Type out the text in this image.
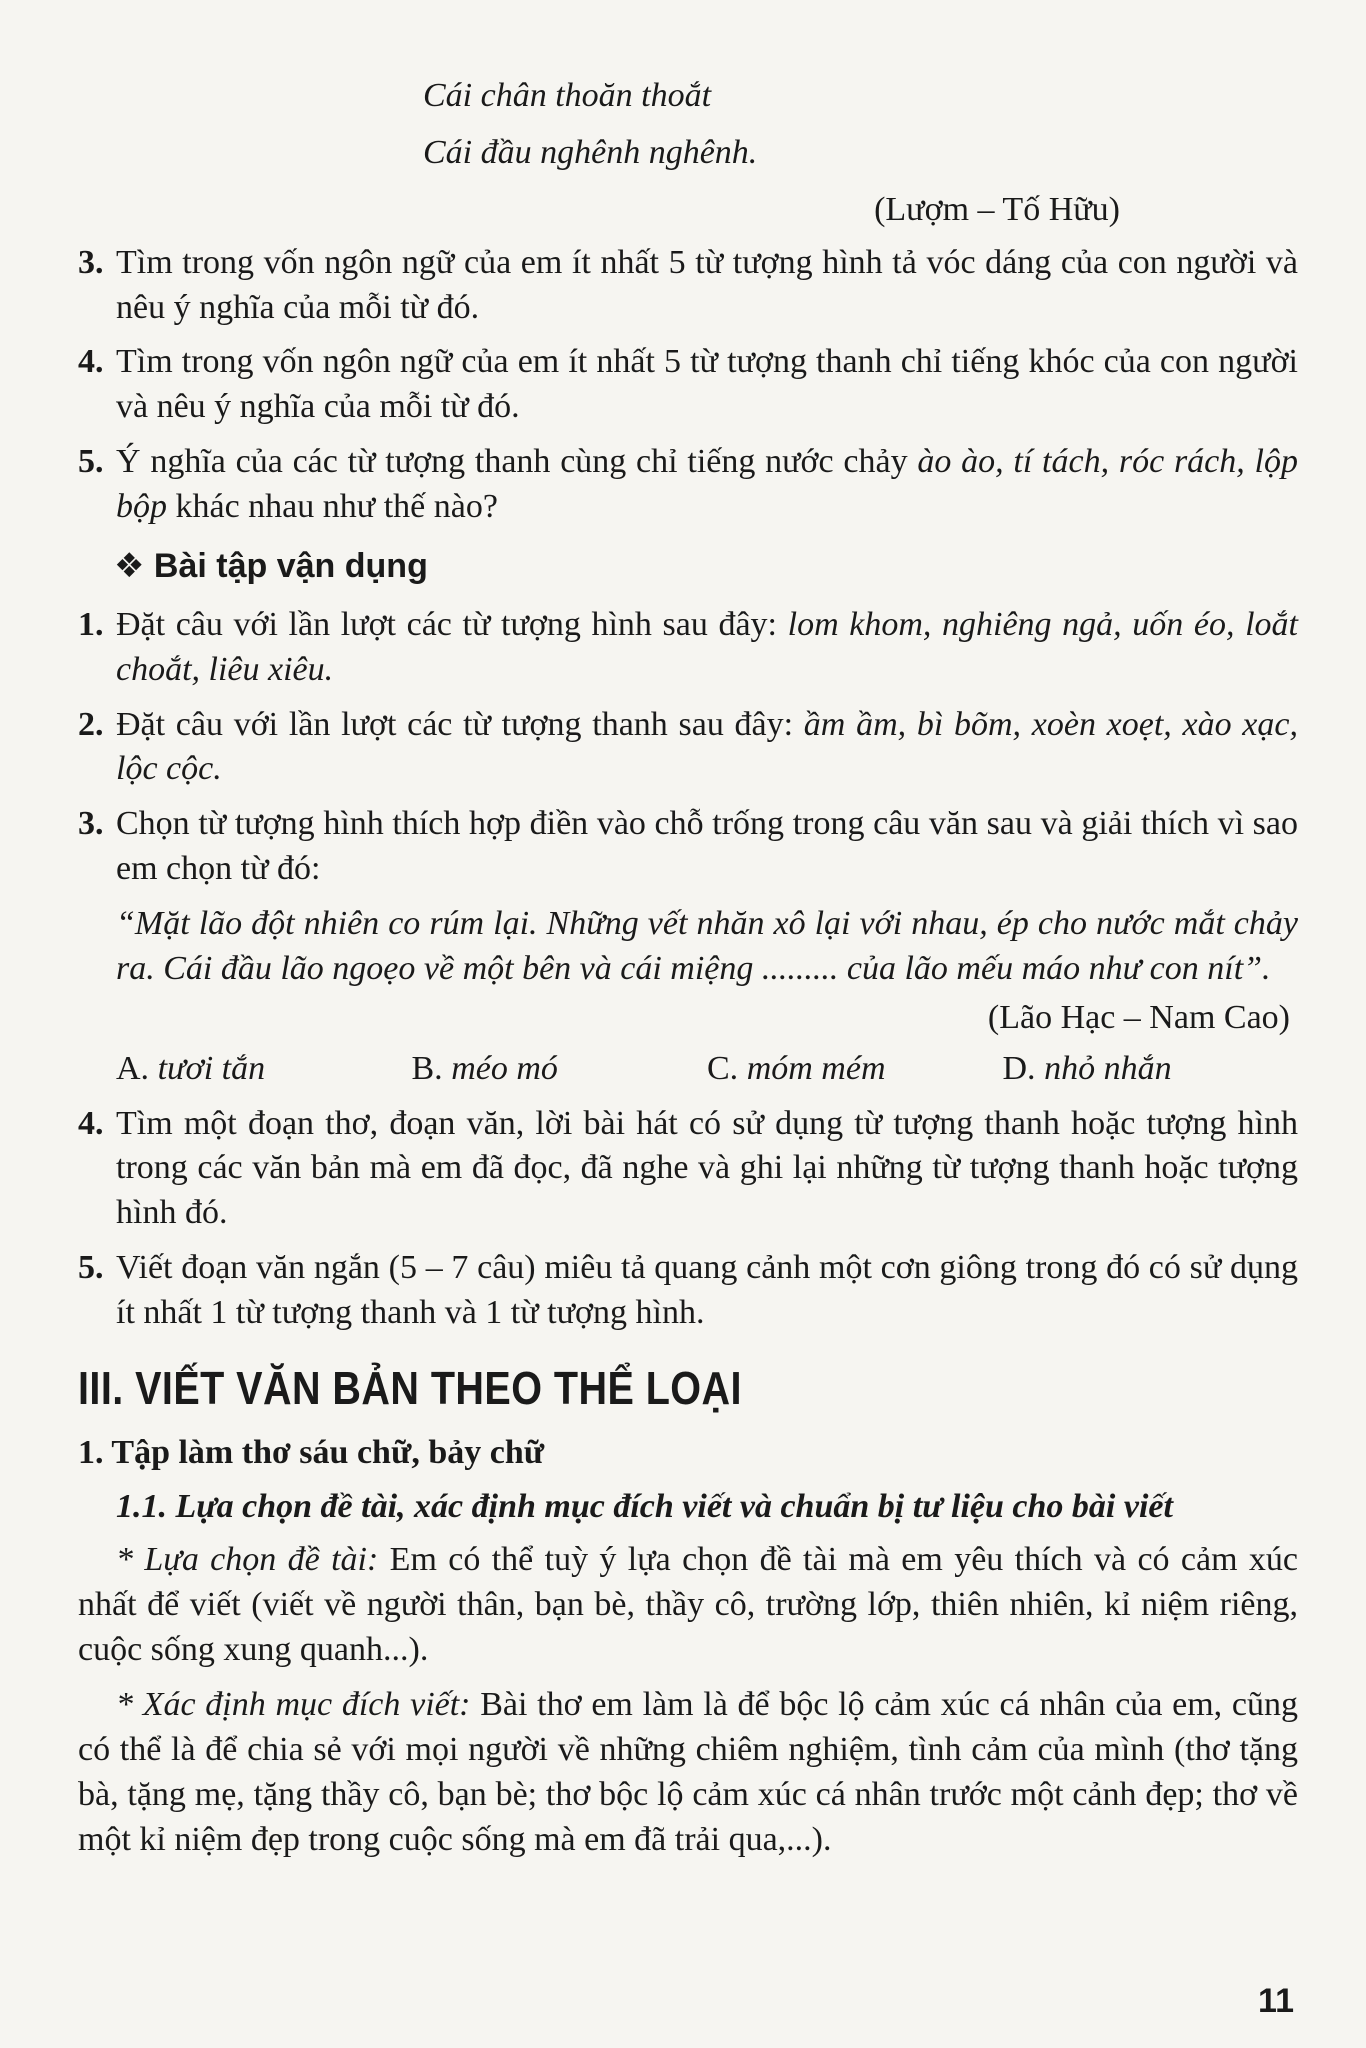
Cái chân thoăn thoắt
Cái đầu nghênh nghênh.
(Lượm – Tố Hữu)
3. Tìm trong vốn ngôn ngữ của em ít nhất 5 từ tượng hình tả vóc dáng của con người và nêu ý nghĩa của mỗi từ đó.
4. Tìm trong vốn ngôn ngữ của em ít nhất 5 từ tượng thanh chỉ tiếng khóc của con người và nêu ý nghĩa của mỗi từ đó.
5. Ý nghĩa của các từ tượng thanh cùng chỉ tiếng nước chảy ào ào, tí tách, róc rách, lộp bộp khác nhau như thế nào?
❖ Bài tập vận dụng
1. Đặt câu với lần lượt các từ tượng hình sau đây: lom khom, nghiêng ngả, uốn éo, loắt choắt, liêu xiêu.
2. Đặt câu với lần lượt các từ tượng thanh sau đây: ầm ầm, bì bõm, xoèn xoẹt, xào xạc, lộc cộc.
3. Chọn từ tượng hình thích hợp điền vào chỗ trống trong câu văn sau và giải thích vì sao em chọn từ đó:
“Mặt lão đột nhiên co rúm lại. Những vết nhăn xô lại với nhau, ép cho nước mắt chảy ra. Cái đầu lão ngoẹo về một bên và cái miệng ......... của lão mếu máo như con nít”.
(Lão Hạc – Nam Cao)
A. tươi tắn	B. méo mó	C. móm mém	D. nhỏ nhắn
4. Tìm một đoạn thơ, đoạn văn, lời bài hát có sử dụng từ tượng thanh hoặc tượng hình trong các văn bản mà em đã đọc, đã nghe và ghi lại những từ tượng thanh hoặc tượng hình đó.
5. Viết đoạn văn ngắn (5 – 7 câu) miêu tả quang cảnh một cơn giông trong đó có sử dụng ít nhất 1 từ tượng thanh và 1 từ tượng hình.
III. VIẾT VĂN BẢN THEO THỂ LOẠI
1. Tập làm thơ sáu chữ, bảy chữ
1.1. Lựa chọn đề tài, xác định mục đích viết và chuẩn bị tư liệu cho bài viết
* Lựa chọn đề tài: Em có thể tuỳ ý lựa chọn đề tài mà em yêu thích và có cảm xúc nhất để viết (viết về người thân, bạn bè, thầy cô, trường lớp, thiên nhiên, kỉ niệm riêng, cuộc sống xung quanh...).
* Xác định mục đích viết: Bài thơ em làm là để bộc lộ cảm xúc cá nhân của em, cũng có thể là để chia sẻ với mọi người về những chiêm nghiệm, tình cảm của mình (thơ tặng bà, tặng mẹ, tặng thầy cô, bạn bè; thơ bộc lộ cảm xúc cá nhân trước một cảnh đẹp; thơ về một kỉ niệm đẹp trong cuộc sống mà em đã trải qua,...).
11
